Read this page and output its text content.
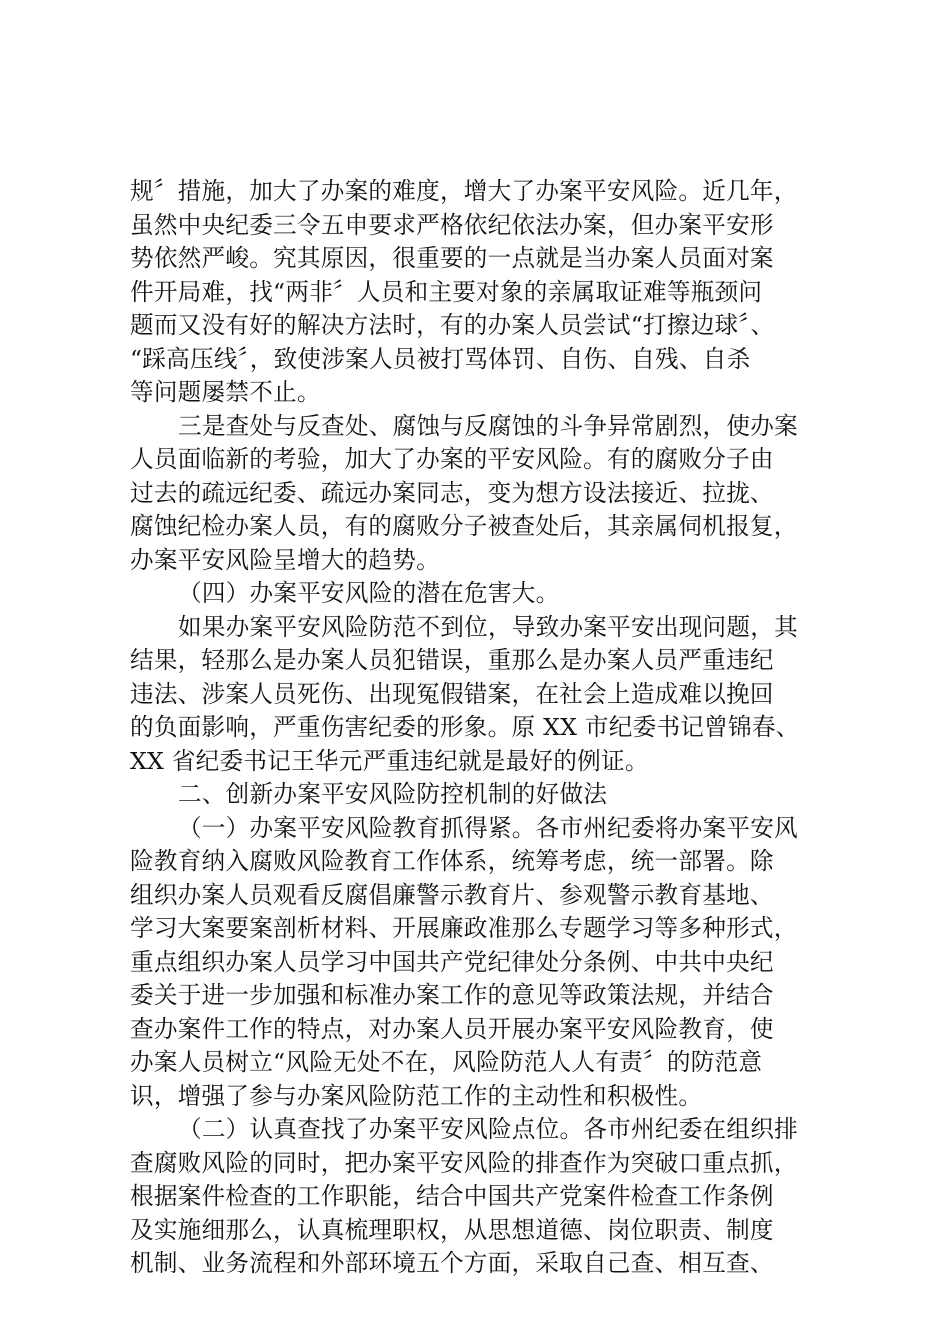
规〞措施，加大了办案的难度，增大了办案平安风险。近几年，
虽然中央纪委三令五申要求严格依纪依法办案，但办案平安形
势依然严峻。究其原因，很重要的一点就是当办案人员面对案
件开局难，找“两非〞人员和主要对象的亲属取证难等瓶颈问
题而又没有好的解决方法时，有的办案人员尝试“打擦边球〞、
“踩高压线〞，致使涉案人员被打骂体罚、自伤、自残、自杀
等问题屡禁不止。
三是查处与反查处、腐蚀与反腐蚀的斗争异常剧烈，使办案
人员面临新的考验，加大了办案的平安风险。有的腐败分子由
过去的疏远纪委、疏远办案同志，变为想方设法接近、拉拢、
腐蚀纪检办案人员，有的腐败分子被查处后，其亲属伺机报复，
办案平安风险呈增大的趋势。
（四）办案平安风险的潜在危害大。
如果办案平安风险防范不到位，导致办案平安出现问题，其
结果，轻那么是办案人员犯错误，重那么是办案人员严重违纪
违法、涉案人员死伤、出现冤假错案，在社会上造成难以挽回
的负面影响，严重伤害纪委的形象。原 XX 市纪委书记曾锦春、
XX 省纪委书记王华元严重违纪就是最好的例证。
二、创新办案平安风险防控机制的好做法
（一）办案平安风险教育抓得紧。各市州纪委将办案平安风
险教育纳入腐败风险教育工作体系，统筹考虑，统一部署。除
组织办案人员观看反腐倡廉警示教育片、参观警示教育基地、
学习大案要案剖析材料、开展廉政准那么专题学习等多种形式，
重点组织办案人员学习中国共产党纪律处分条例、中共中央纪
委关于进一步加强和标准办案工作的意见等政策法规，并结合
查办案件工作的特点，对办案人员开展办案平安风险教育，使
办案人员树立“风险无处不在，风险防范人人有责〞的防范意
识，增强了参与办案风险防范工作的主动性和积极性。
（二）认真查找了办案平安风险点位。各市州纪委在组织排
查腐败风险的同时，把办案平安风险的排查作为突破口重点抓，
根据案件检查的工作职能，结合中国共产党案件检查工作条例
及实施细那么，认真梳理职权，从思想道德、岗位职责、制度
机制、业务流程和外部环境五个方面，采取自己查、相互查、
